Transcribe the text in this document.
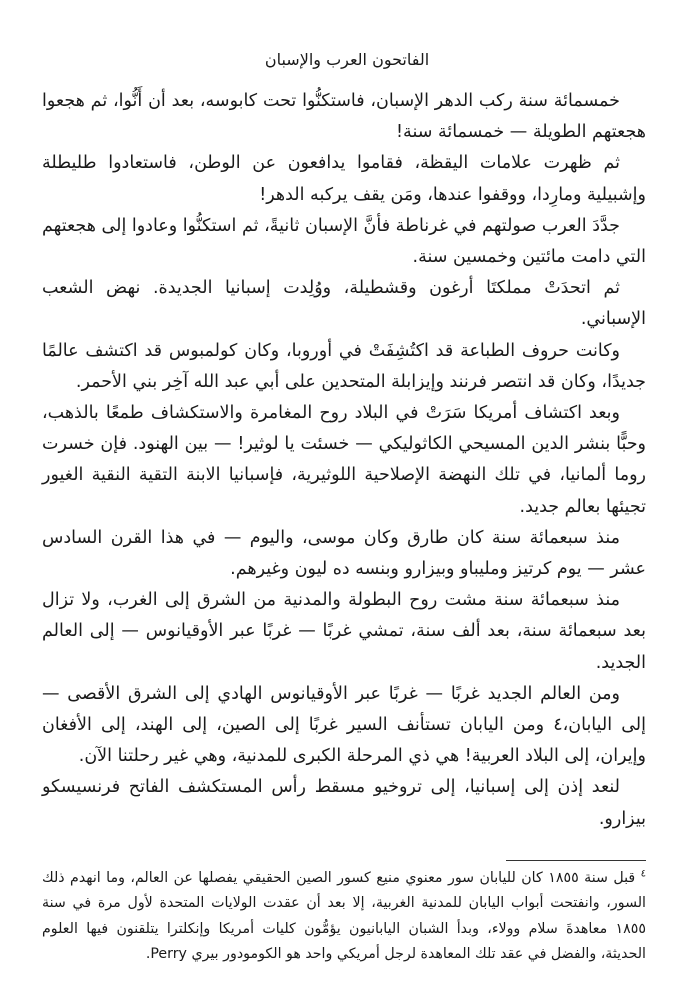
الفاتحون العرب والإسبان

خمسمائة سنة ركب الدهر الإسبان، فاستكنُّوا تحت كابوسه، بعد أن أَنُّوا، ثم هجعوا هجعتهم الطويلة — خمسمائة سنة!

ثم ظهرت علامات اليقظة، فقاموا يدافعون عن الوطن، فاستعادوا طليطلة وإشبيلية ومارِدا، ووقفوا عندها، ومَن يقف يركبه الدهر!

جدَّدَ العرب صولتهم في غرناطة فأنَّ الإسبان ثانيةً، ثم استكنُّوا وعادوا إلى هجعتهم التي دامت مائتين وخمسين سنة.

ثم اتحدَتْ مملكتَا أرغون وقشطيلة، ووُلِدت إسبانيا الجديدة. نهض الشعب الإسباني.

وكانت حروف الطباعة قد اكتُشِفَتْ في أوروبا، وكان كولمبوس قد اكتشف عالمًا جديدًا، وكان قد انتصر فرنند وإيزابلة المتحدين على أبي عبد الله آخِر بني الأحمر.

وبعد اكتشاف أمريكا سَرَتْ في البلاد روح المغامرة والاستكشاف طمعًا بالذهب، وحبًّا بنشر الدين المسيحي الكاثوليكي — خسئت يا لوثير! — بين الهنود. فإن خسرت روما ألمانيا، في تلك النهضة الإصلاحية اللوثيرية، فإسبانيا الابنة التقية النقية الغيور تجيئها بعالم جديد.

منذ سبعمائة سنة كان طارق وكان موسى، واليوم — في هذا القرن السادس عشر — يوم كرتيز ومليباو وبيزارو وبنسه ده ليون وغيرهم.

منذ سبعمائة سنة مشت روح البطولة والمدنية من الشرق إلى الغرب، ولا تزال بعد سبعمائة سنة، بعد ألف سنة، تمشي غربًا — غربًا عبر الأوقيانوس — إلى العالم الجديد.

ومن العالم الجديد غربًا — غربًا عبر الأوقيانوس الهادي إلى الشرق الأقصى — إلى اليابان،٤ ومن اليابان تستأنف السير غربًا إلى الصين، إلى الهند، إلى الأفغان وإيران، إلى البلاد العربية! هي ذي المرحلة الكبرى للمدنية، وهي غير رحلتنا الآن.

لنعد إذن إلى إسبانيا، إلى تروخيو مسقط رأس المستكشف الفاتح فرنسيسكو بيزارو.

$^٤$ قبل سنة ١٨٥٥ كان لليابان سور معنوي منيع كسور الصين الحقيقي يفصلها عن العالم، وما انهدم ذلك السور، وانفتحت أبواب اليابان للمدنية الغربية، إلا بعد أن عقدت الولايات المتحدة لأول مرة في سنة ١٨٥٥ معاهدةَ سلام وولاء، وبدأ الشبان اليابانيون يؤمُّون كليات أمريكا وإنكلترا يتلقنون فيها العلوم الحديثة، والفضل في عقد تلك المعاهدة لرجل أمريكي واحد هو الكومودور بيري Perry.
